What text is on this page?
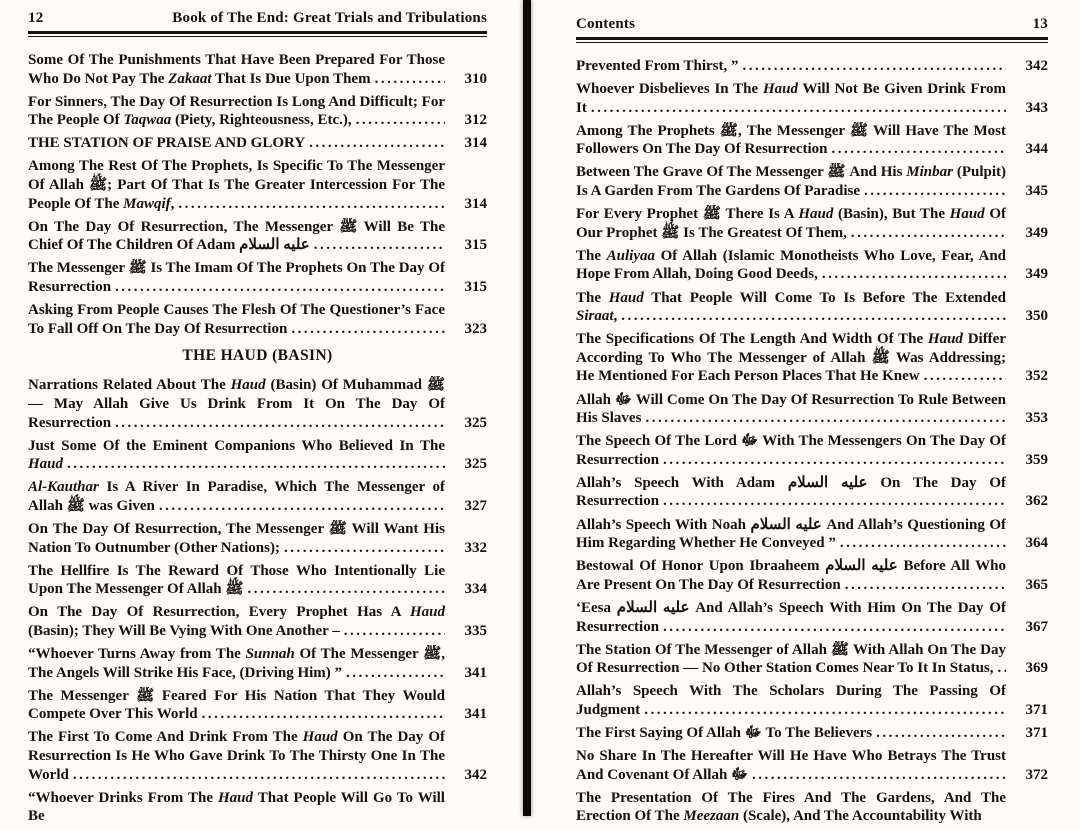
12	Book of The End: Great Trials and Tribulations
Some Of The Punishments That Have Been Prepared For Those Who Do Not Pay The Zakaat That Is Due Upon Them .....	310
For Sinners, The Day Of Resurrection Is Long And Difficult; For The People Of Taqwaa (Piety, Righteousness, Etc.), .....	312
THE STATION OF PRAISE AND GLORY .....	314
Among The Rest Of The Prophets, Is Specific To The Messenger Of Allah ﷺ; Part Of That Is The Greater Intercession For The People Of The Mawqif, .....	314
On The Day Of Resurrection, The Messenger ﷺ Will Be The Chief Of The Children Of Adam عليه السلام .....	315
The Messenger ﷺ Is The Imam Of The Prophets On The Day Of Resurrection .....	315
Asking From People Causes The Flesh Of The Questioner’s Face To Fall Off On The Day Of Resurrection .....	323
THE HAUD (BASIN)
Narrations Related About The Haud (Basin) Of Muhammad ﷺ — May Allah Give Us Drink From It On The Day Of Resurrection .....	325
Just Some Of the Eminent Companions Who Believed In The Haud .....	325
Al-Kauthar Is A River In Paradise, Which The Messenger of Allah ﷺ was Given .....	327
On The Day Of Resurrection, The Messenger ﷺ Will Want His Nation To Outnumber (Other Nations); .....	332
The Hellfire Is The Reward Of Those Who Intentionally Lie Upon The Messenger Of Allah ﷺ .....	334
On The Day Of Resurrection, Every Prophet Has A Haud (Basin); They Will Be Vying With One Another – .....	335
“Whoever Turns Away from The Sunnah Of The Messenger ﷺ, The Angels Will Strike His Face, (Driving Him) ” .....	341
The Messenger ﷺ Feared For His Nation That They Would Compete Over This World .....	341
The First To Come And Drink From The Haud On The Day Of Resurrection Is He Who Gave Drink To The Thirsty One In The World .....	342
“Whoever Drinks From The Haud That People Will Go To Will Be
Contents	13
Prevented From Thirst, ” .....	342
Whoever Disbelieves In The Haud Will Not Be Given Drink From It .....	343
Among The Prophets ﷺ, The Messenger ﷺ Will Have The Most Followers On The Day Of Resurrection .....	344
Between The Grave Of The Messenger ﷺ And His Minbar (Pulpit) Is A Garden From The Gardens Of Paradise .....	345
For Every Prophet ﷺ There Is A Haud (Basin), But The Haud Of Our Prophet ﷺ Is The Greatest Of Them, .....	349
The Auliyaa Of Allah (Islamic Monotheists Who Love, Fear, And Hope From Allah, Doing Good Deeds, .....	349
The Haud That People Will Come To Is Before The Extended Siraat, .....	350
The Specifications Of The Length And Width Of The Haud Differ According To Who The Messenger of Allah ﷺ Was Addressing; He Mentioned For Each Person Places That He Knew .....	352
Allah ﷻ Will Come On The Day Of Resurrection To Rule Between His Slaves .....	353
The Speech Of The Lord ﷻ With The Messengers On The Day Of Resurrection .....	359
Allah’s Speech With Adam عليه السلام On The Day Of Resurrection .....	362
Allah’s Speech With Noah عليه السلام And Allah’s Questioning Of Him Regarding Whether He Conveyed ” .....	364
Bestowal Of Honor Upon Ibraaheem عليه السلام Before All Who Are Present On The Day Of Resurrection .....	365
‘Eesa عليه السلام And Allah’s Speech With Him On The Day Of Resurrection .....	367
The Station Of The Messenger of Allah ﷺ With Allah On The Day Of Resurrection — No Other Station Comes Near To It In Status, .....	369
Allah’s Speech With The Scholars During The Passing Of Judgment .....	371
The First Saying Of Allah ﷻ To The Believers .....	371
No Share In The Hereafter Will He Have Who Betrays The Trust And Covenant Of Allah ﷻ .....	372
The Presentation Of The Fires And The Gardens, And The Erection Of The Meezaan (Scale), And The Accountability With
